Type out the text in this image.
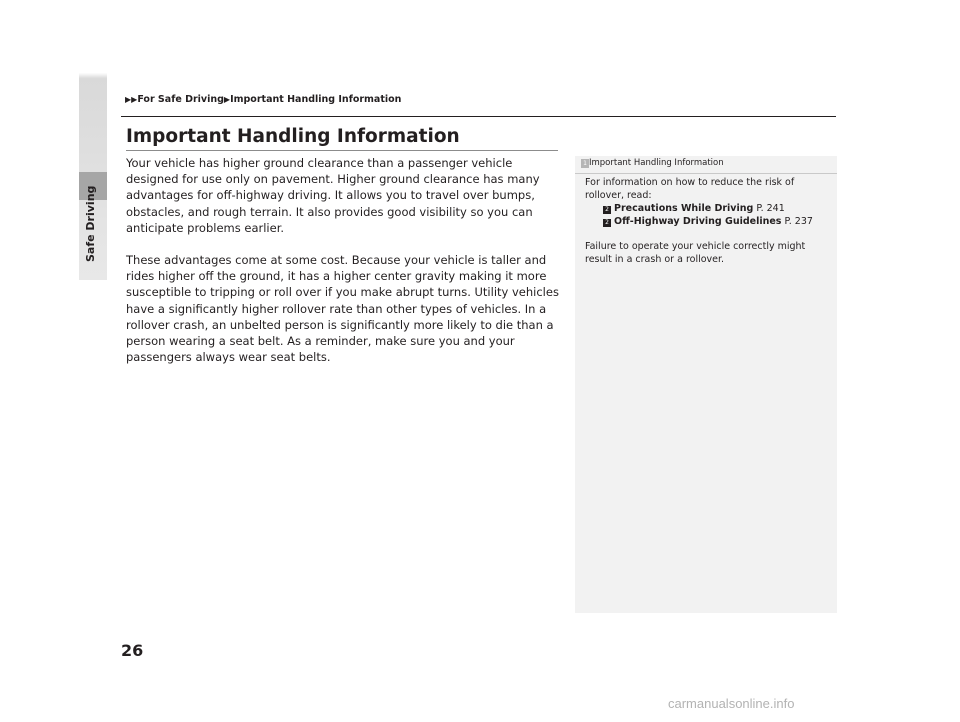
Safe Driving
▶▶For Safe Driving▶Important Handling Information
Important Handling Information

Your vehicle has higher ground clearance than a passenger vehicle designed for use only on pavement. Higher ground clearance has many advantages for off-highway driving. It allows you to travel over bumps, obstacles, and rough terrain. It also provides good visibility so you can anticipate problems earlier.

These advantages come at some cost. Because your vehicle is taller and rides higher off the ground, it has a higher center gravity making it more susceptible to tripping or roll over if you make abrupt turns. Utility vehicles have a significantly higher rollover rate than other types of vehicles. In a rollover crash, an unbelted person is significantly more likely to die than a person wearing a seat belt. As a reminder, make sure you and your passengers always wear seat belts.

1 Important Handling Information

For information on how to reduce the risk of rollover, read:

2 Precautions While Driving P. 241
2 Off-Highway Driving Guidelines P. 237

Failure to operate your vehicle correctly might result in a crash or a rollover.

26
carmanualsonline.info
